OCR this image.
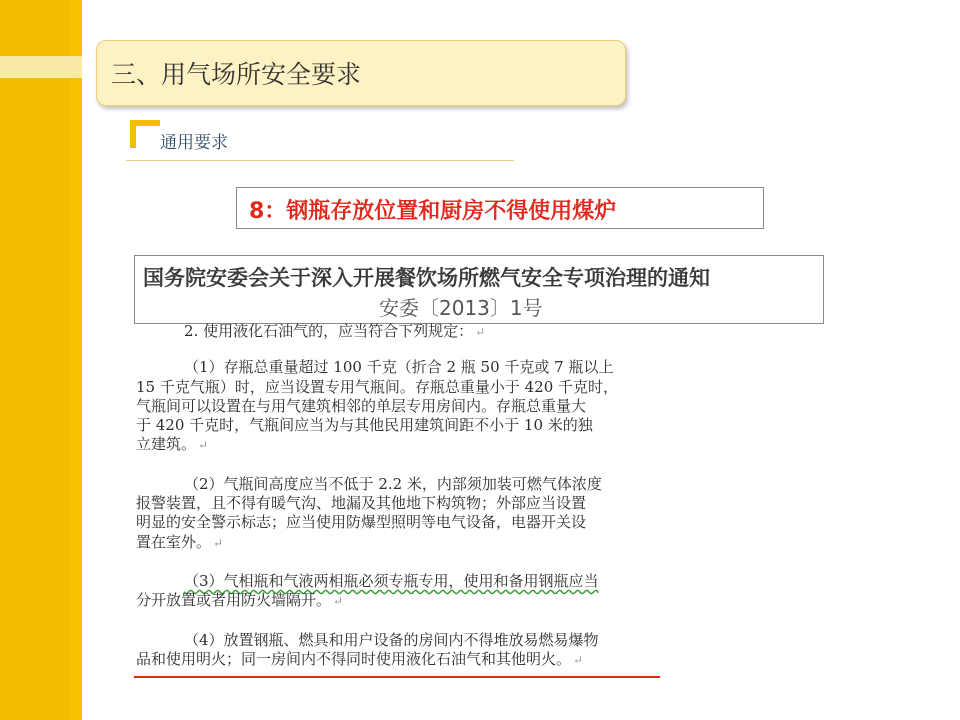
三、用气场所安全要求
通用要求
8：钢瓶存放位置和厨房不得使用煤炉
国务院安委会关于深入开展餐饮场所燃气安全专项治理的通知
安委〔2013〕1号

2. 使用液化石油气的，应当符合下列规定： ↵

（1）存瓶总重量超过 100 千克（折合 2 瓶 50 千克或 7 瓶以上

15 千克气瓶）时，应当设置专用气瓶间。存瓶总重量小于 420 千克时，

气瓶间可以设置在与用气建筑相邻的单层专用房间内。存瓶总重量大

于 420 千克时，气瓶间应当为与其他民用建筑间距不小于 10 米的独

立建筑。 ↵

（2）气瓶间高度应当不低于 2.2 米，内部须加装可燃气体浓度

报警装置，且不得有暖气沟、地漏及其他地下构筑物；外部应当设置

明显的安全警示标志；应当使用防爆型照明等电气设备，电器开关设

置在室外。 ↵

（3）气相瓶和气液两相瓶必须专瓶专用，使用和备用钢瓶应当

分开放置或者用防火墙隔开。 ↵

（4）放置钢瓶、燃具和用户设备的房间内不得堆放易燃易爆物

品和使用明火；同一房间内不得同时使用液化石油气和其他明火。 ↵
